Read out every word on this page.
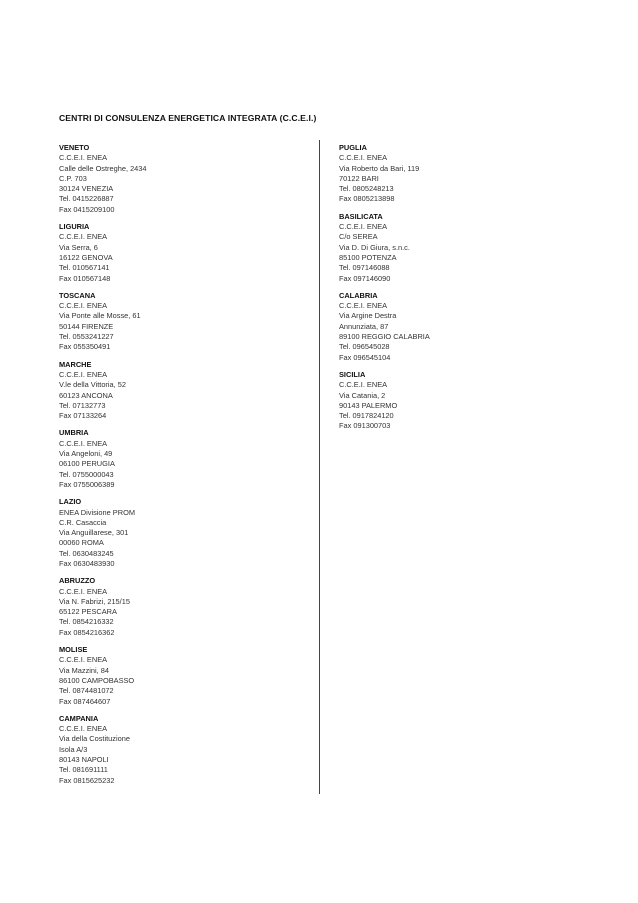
CENTRI DI CONSULENZA ENERGETICA INTEGRATA (C.C.E.I.)
VENETO
C.C.E.I. ENEA
Calle delle Ostreghe, 2434
C.P. 703
30124 VENEZIA
Tel. 0415226887
Fax 0415209100
LIGURIA
C.C.E.I. ENEA
Via Serra, 6
16122 GENOVA
Tel. 010567141
Fax 010567148
TOSCANA
C.C.E.I. ENEA
Via Ponte alle Mosse, 61
50144 FIRENZE
Tel. 0553241227
Fax 055350491
MARCHE
C.C.E.I. ENEA
V.le della Vittoria, 52
60123 ANCONA
Tel. 07132773
Fax 07133264
UMBRIA
C.C.E.I. ENEA
Via Angeloni, 49
06100 PERUGIA
Tel. 0755000043
Fax 0755006389
LAZIO
ENEA Divisione PROM
C.R. Casaccia
Via Anguillarese, 301
00060 ROMA
Tel. 0630483245
Fax 0630483930
ABRUZZO
C.C.E.I. ENEA
Via N. Fabrizi, 215/15
65122 PESCARA
Tel. 0854216332
Fax 0854216362
MOLISE
C.C.E.I. ENEA
Via Mazzini, 84
86100 CAMPOBASSO
Tel. 0874481072
Fax 087464607
CAMPANIA
C.C.E.I. ENEA
Via della Costituzione
Isola A/3
80143 NAPOLI
Tel. 081691111
Fax 0815625232
PUGLIA
C.C.E.I. ENEA
Via Roberto da Bari, 119
70122 BARI
Tel. 0805248213
Fax 0805213898
BASILICATA
C.C.E.I. ENEA
C/o SEREA
Via D. Di Giura, s.n.c.
85100 POTENZA
Tel. 097146088
Fax 097146090
CALABRIA
C.C.E.I. ENEA
Via Argine Destra
Annunziata, 87
89100 REGGIO CALABRIA
Tel. 096545028
Fax 096545104
SICILIA
C.C.E.I. ENEA
Via Catania, 2
90143 PALERMO
Tel. 0917824120
Fax 091300703
